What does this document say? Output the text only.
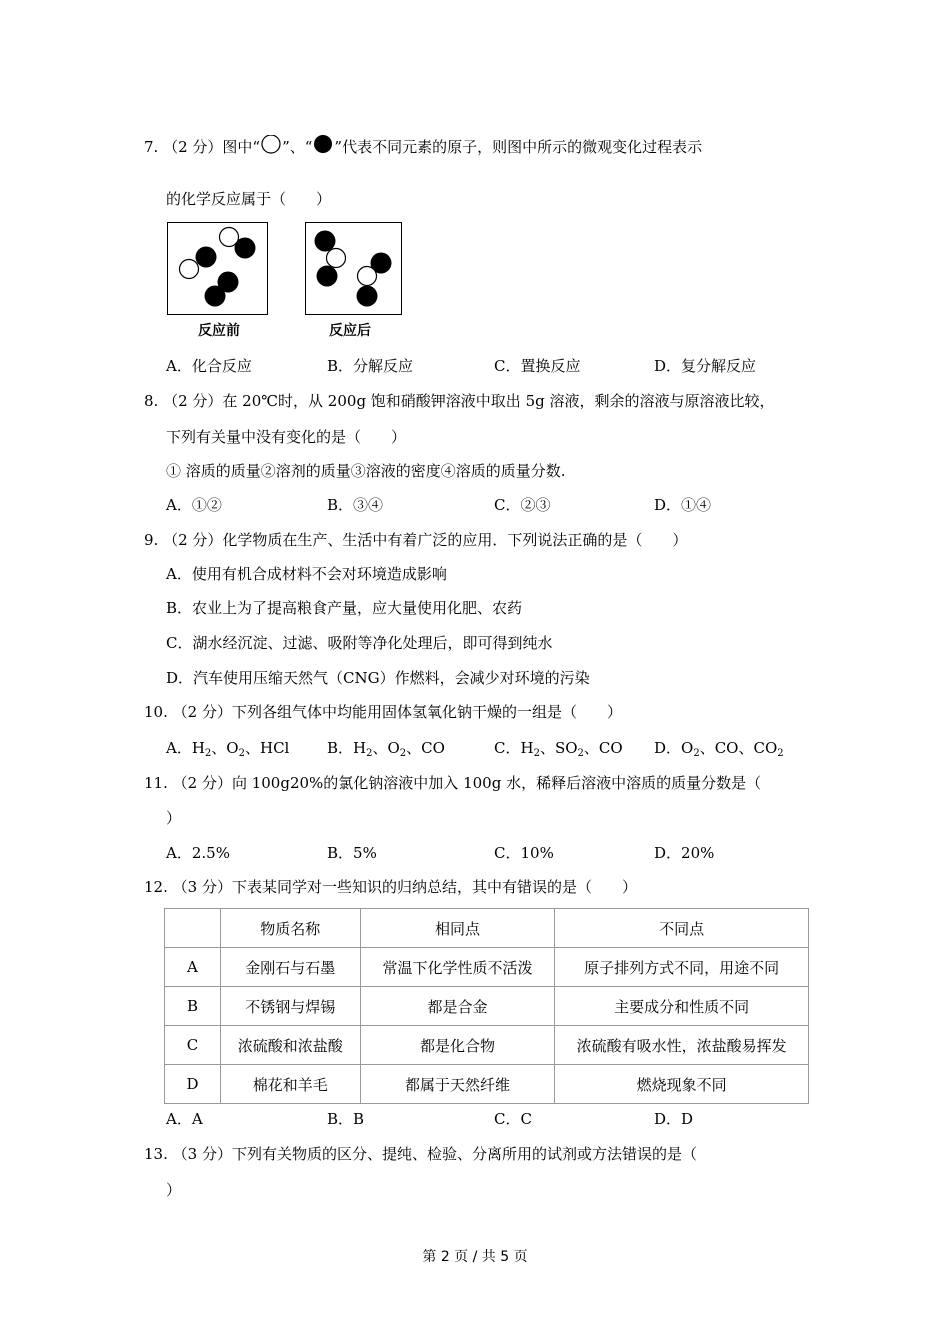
7. （2 分）图中“ ”、“ ”代表不同元素的原子，则图中所示的微观变化过程表示
的化学反应属于（　　）
反应前	反应后
A．化合反应	B．分解反应	C．置换反应	D．复分解反应
8. （2 分）在 20℃时，从 200g 饱和硝酸钾溶液中取出 5g 溶液，剩余的溶液与原溶液比较，
下列有关量中没有变化的是（　　）
① 溶质的质量②溶剂的质量③溶液的密度④溶质的质量分数.
A．①②	B．③④	C．②③	D．①④
9. （2 分）化学物质在生产、生活中有着广泛的应用．下列说法正确的是（　　）
A．使用有机合成材料不会对环境造成影响
B．农业上为了提高粮食产量，应大量使用化肥、农药
C．湖水经沉淀、过滤、吸附等净化处理后，即可得到纯水
D．汽车使用压缩天然气（CNG）作燃料，会减少对环境的污染
10. （2 分）下列各组气体中均能用固体氢氧化钠干燥的一组是（　　）
A．$H_2$、$O_2$、HCl	B．$H_2$、$O_2$、CO	C．$H_2$、$SO_2$、CO D．$O_2$、CO、$CO_2$
11. （2 分）向 100g20%的氯化钠溶液中加入 100g 水，稀释后溶液中溶质的质量分数是（
）
A．2.5%	B．5%	C．10%	D．20%
12. （3 分）下表某同学对一些知识的归纳总结，其中有错误的是（　　）
	物质名称	相同点	不同点
A	金刚石与石墨	常温下化学性质不活泼	原子排列方式不同，用途不同
B	不锈钢与焊锡	都是合金	主要成分和性质不同
C	浓硫酸和浓盐酸	都是化合物	浓硫酸有吸水性，浓盐酸易挥发
D	棉花和羊毛	都属于天然纤维	燃烧现象不同
A．A	B．B	C．C	D．D
13. （3 分）下列有关物质的区分、提纯、检验、分离所用的试剂或方法错误的是（
）
第 2 页 / 共 5 页
